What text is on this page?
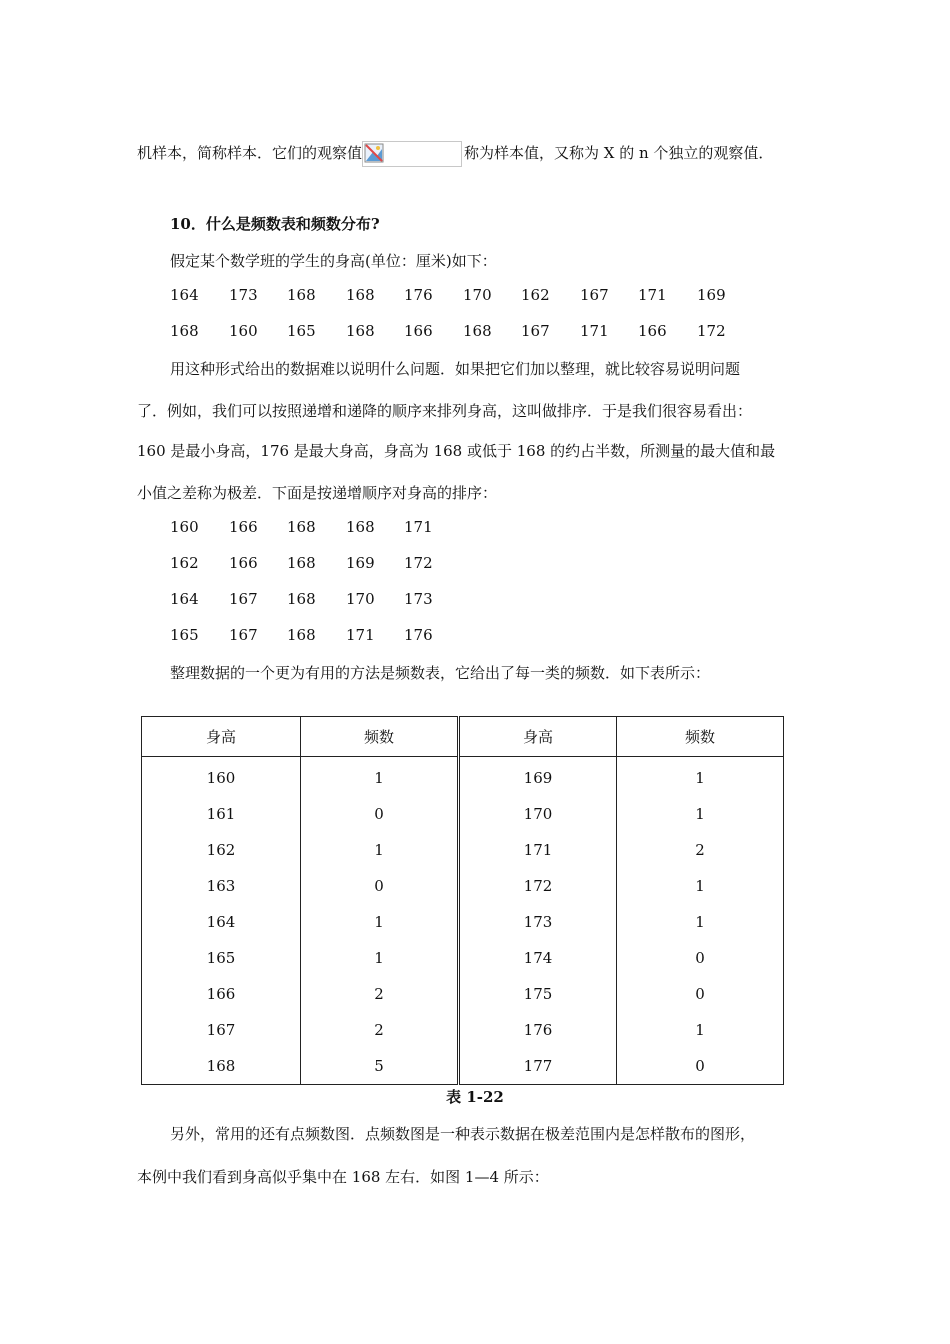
机样本，简称样本．它们的观察值	称为样本值，又称为 X 的 n 个独立的观察值．
10．什么是频数表和频数分布?
假定某个数学班的学生的身高(单位：厘米)如下：
164	173	168	168	176	170	162	167	171	169
168	160	165	168	166	168	167	171	166	172
用这种形式给出的数据难以说明什么问题．如果把它们加以整理，就比较容易说明问题
了．例如，我们可以按照递增和递降的顺序来排列身高，这叫做排序．于是我们很容易看出：
160 是最小身高，176 是最大身高，身高为 168 或低于 168 的约占半数，所测量的最大值和最
小值之差称为极差．下面是按递增顺序对身高的排序：
160	166	168	168	171
162	166	168	169	172
164	167	168	170	173
165	167	168	171	176
整理数据的一个更为有用的方法是频数表，它给出了每一类的频数．如下表所示：
身高	频数	身高	频数
160	1	169	1
161	0	170	1
162	1	171	2
163	0	172	1
164	1	173	1
165	1	174	0
166	2	175	0
167	2	176	1
168	5	177	0
表 1-22
另外，常用的还有点频数图．点频数图是一种表示数据在极差范围内是怎样散布的图形，
本例中我们看到身高似乎集中在 168 左右．如图 1—4 所示：
